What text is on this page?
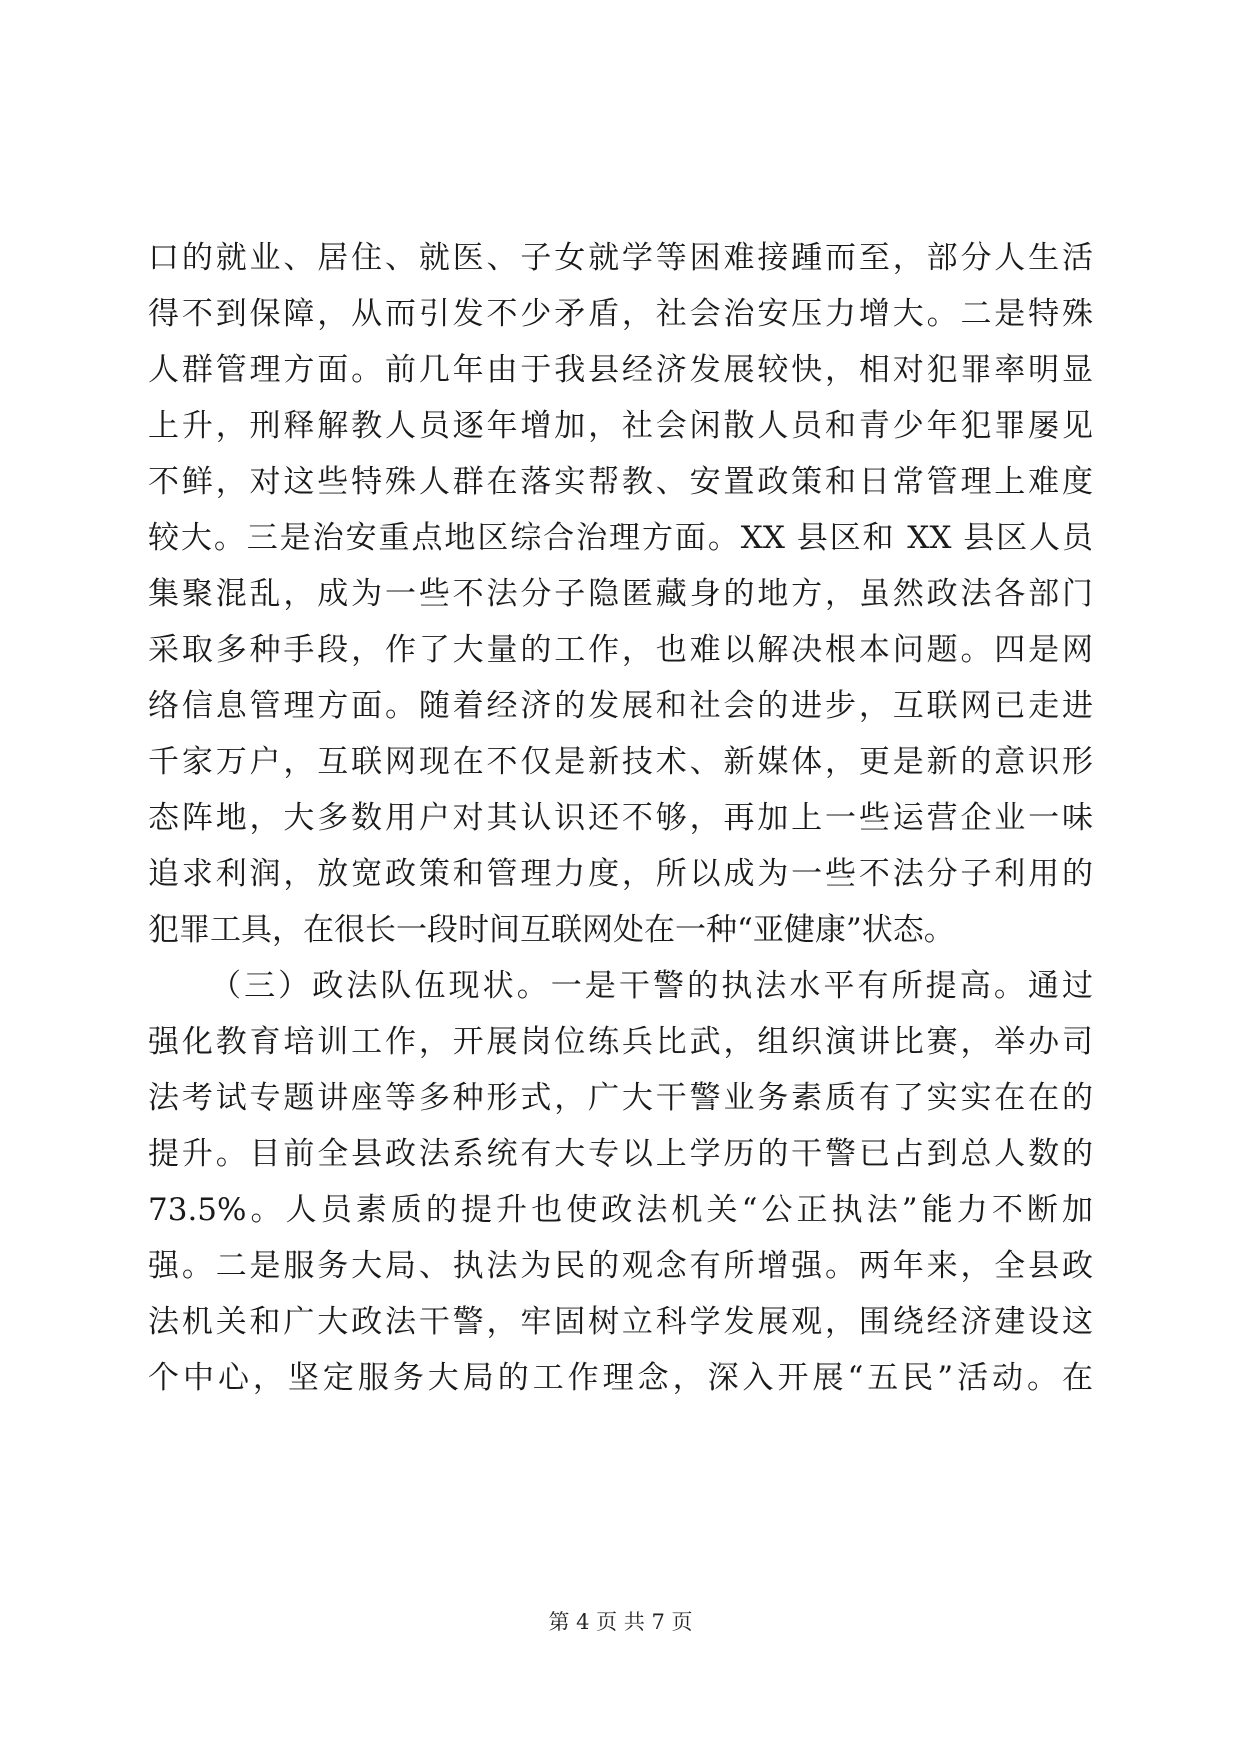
口的就业、居住、就医、子女就学等困难接踵而至，部分人生活
得不到保障，从而引发不少矛盾，社会治安压力增大。二是特殊
人群管理方面。前几年由于我县经济发展较快，相对犯罪率明显
上升，刑释解教人员逐年增加，社会闲散人员和青少年犯罪屡见
不鲜，对这些特殊人群在落实帮教、安置政策和日常管理上难度
较大。三是治安重点地区综合治理方面。XX 县区和 XX 县区人员
集聚混乱，成为一些不法分子隐匿藏身的地方，虽然政法各部门
采取多种手段，作了大量的工作，也难以解决根本问题。四是网
络信息管理方面。随着经济的发展和社会的进步，互联网已走进
千家万户，互联网现在不仅是新技术、新媒体，更是新的意识形
态阵地，大多数用户对其认识还不够，再加上一些运营企业一味
追求利润，放宽政策和管理力度，所以成为一些不法分子利用的
犯罪工具，在很长一段时间互联网处在一种“亚健康”状态。
（三）政法队伍现状。一是干警的执法水平有所提高。通过
强化教育培训工作，开展岗位练兵比武，组织演讲比赛，举办司
法考试专题讲座等多种形式，广大干警业务素质有了实实在在的
提升。目前全县政法系统有大专以上学历的干警已占到总人数的
73.5%。人员素质的提升也使政法机关“公正执法”能力不断加
强。二是服务大局、执法为民的观念有所增强。两年来，全县政
法机关和广大政法干警，牢固树立科学发展观，围绕经济建设这
个中心，坚定服务大局的工作理念，深入开展“五民”活动。在
第 4 页 共 7 页
